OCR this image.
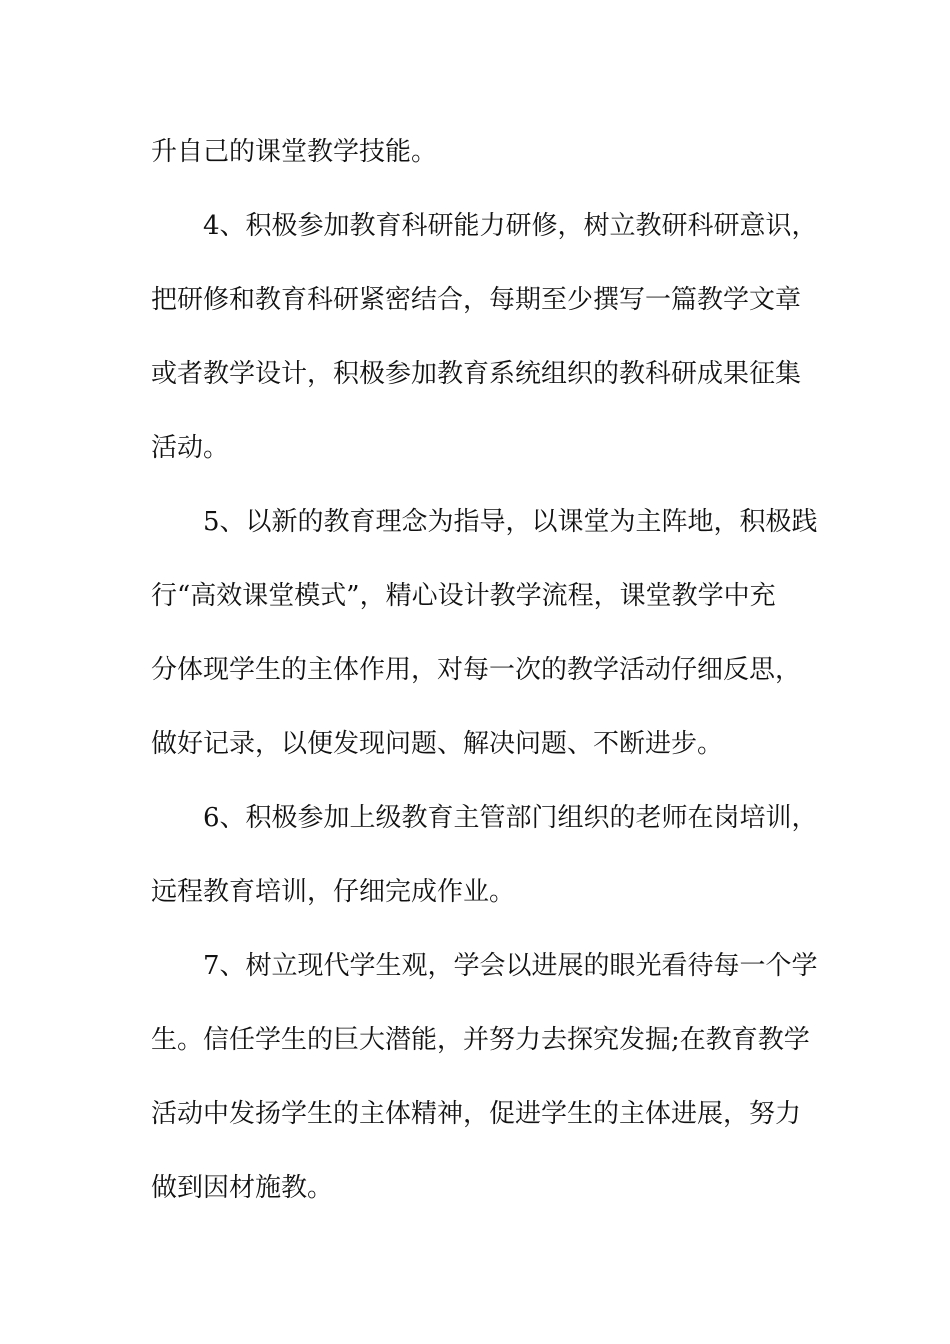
升自己的课堂教学技能。
4、积极参加教育科研能力研修，树立教研科研意识，
把研修和教育科研紧密结合，每期至少撰写一篇教学文章
或者教学设计，积极参加教育系统组织的教科研成果征集
活动。
5、以新的教育理念为指导，以课堂为主阵地，积极践
行“高效课堂模式”，精心设计教学流程，课堂教学中充
分体现学生的主体作用，对每一次的教学活动仔细反思，
做好记录，以便发现问题、解决问题、不断进步。
6、积极参加上级教育主管部门组织的老师在岗培训，
远程教育培训，仔细完成作业。
7、树立现代学生观，学会以进展的眼光看待每一个学
生。信任学生的巨大潜能，并努力去探究发掘;在教育教学
活动中发扬学生的主体精神，促进学生的主体进展，努力
做到因材施教。
